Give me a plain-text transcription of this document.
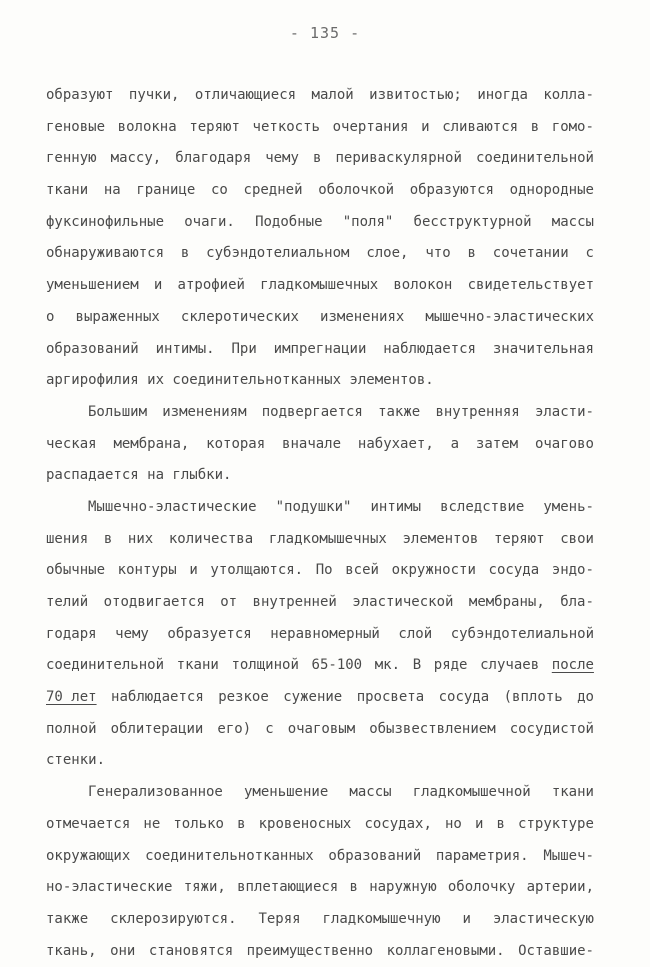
- 135 -
образуют пучки, отличающиеся малой извитостью; иногда колла-
геновые волокна теряют четкость очертания и сливаются в гомо-
генную массу, благодаря чему в периваскулярной соединительной
ткани на границе со средней оболочкой образуются однородные
фуксинофильные очаги. Подобные "поля" бесструктурной массы
обнаруживаются в субэндотелиальном слое, что в сочетании с
уменьшением и атрофией гладкомышечных волокон свидетельствует
о выраженных склеротических изменениях мышечно-эластических
образований интимы. При импрегнации наблюдается значительная
аргирофилия их соединительнотканных элементов.
Большим изменениям подвергается также внутренняя эласти-
ческая мембрана, которая вначале набухает, а затем очагово
распадается на глыбки.
Мышечно-эластические "подушки" интимы вследствие умень-
шения в них количества гладкомышечных элементов теряют свои
обычные контуры и утолщаются. По всей окружности сосуда эндо-
телий отодвигается от внутренней эластической мембраны, бла-
годаря чему образуется неравномерный слой субэндотелиальной
соединительной ткани толщиной 65-100 мк. В ряде случаев после
70 лет наблюдается резкое сужение просвета сосуда (вплоть до
полной облитерации его) с очаговым обызвествлением сосудистой
стенки.
Генерализованное уменьшение массы гладкомышечной ткани
отмечается не только в кровеносных сосудах, но и в структуре
окружающих соединительнотканных образований параметрия. Мышеч-
но-эластические тяжи, вплетающиеся в наружную оболочку артерии,
также склерозируются. Теряя гладкомышечную и эластическую
ткань, они становятся преимущественно коллагеновыми. Оставшие-
